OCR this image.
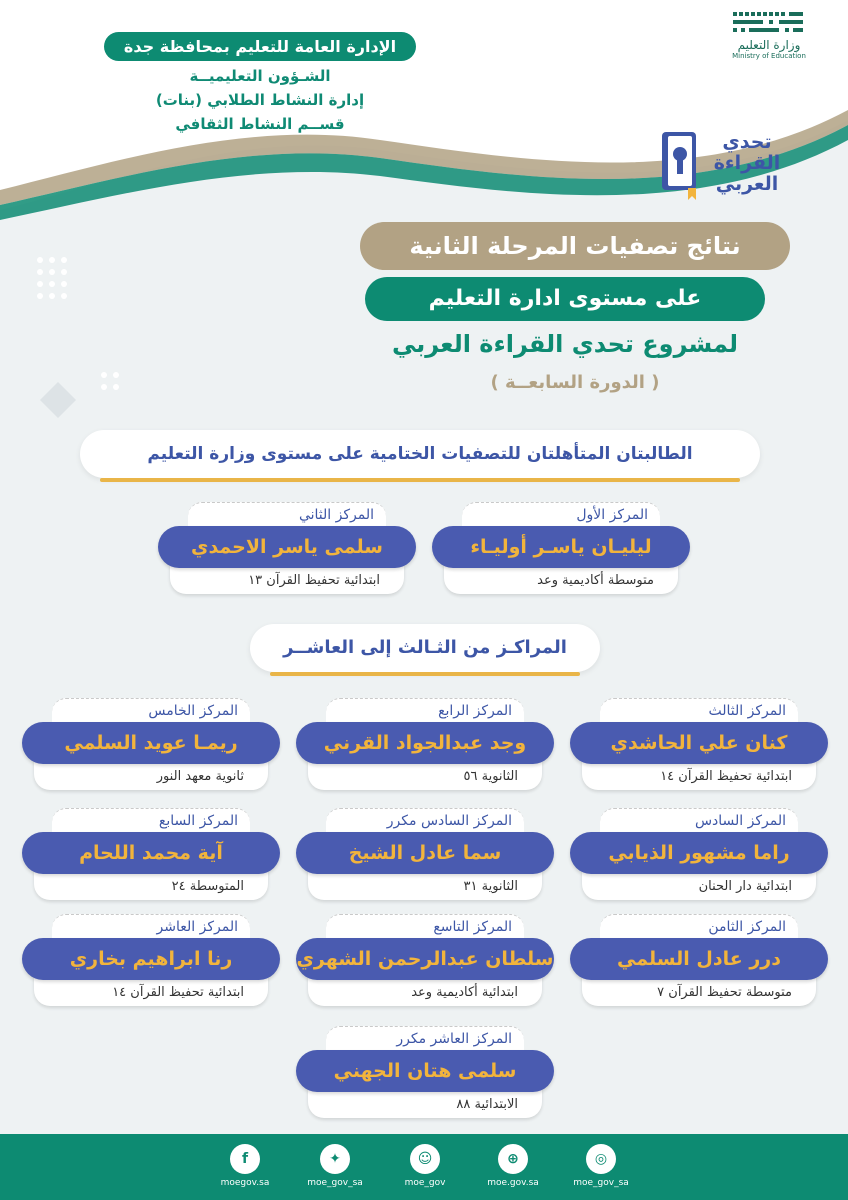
وزارة التعليم
Ministry of Education
الإدارة العامة للتعليم بمحافظة جدة
الشـؤون التعليميــة
إدارة النشاط الطلابي (بنات)
قســم النشاط الثقافي
تحدي القراءة العربي
نتائج تصفيات المرحلة الثانية
على مستوى ادارة التعليم
لمشروع تحدي القراءة العربي
( الدورة السابعــة )
الطالبتان المتأهلتان للتصفيات الختامية على مستوى وزارة التعليم
المركز الأول
متوسطة أكاديمية وعد
ليليـان ياسـر أوليـاء
المركز الثاني
ابتدائية تحفيظ القرآن ١٣
سلمى ياسر الاحمدي
المراكـز من الثـالث إلى العاشــر
المركز الثالث
ابتدائية تحفيظ القرآن ١٤
كنان علي الحاشدي
المركز الرابع
الثانوية ٥٦
وجد عبدالجواد القرني
المركز الخامس
ثانوية معهد النور
ريمـا عويد السلمي
المركز السادس
ابتدائية دار الحنان
راما مشهور الذيابي
المركز السادس مكرر
الثانوية ٣١
سما عادل الشيخ
المركز السابع
المتوسطة ٢٤
آية محمد اللحام
المركز الثامن
متوسطة تحفيظ القرآن ٧
درر عادل السلمي
المركز التاسع
ابتدائية أكاديمية وعد
سلطان عبدالرحمن الشهري
المركز العاشر
ابتدائية تحفيظ القرآن ١٤
رنا ابراهيم بخاري
المركز العاشر مكرر
الابتدائية ٨٨
سلمى هتان الجهني
◎
moe_gov_sa
⊕
moe.gov.sa
☺
moe_gov
✦
moe_gov_sa
f
moegov.sa
